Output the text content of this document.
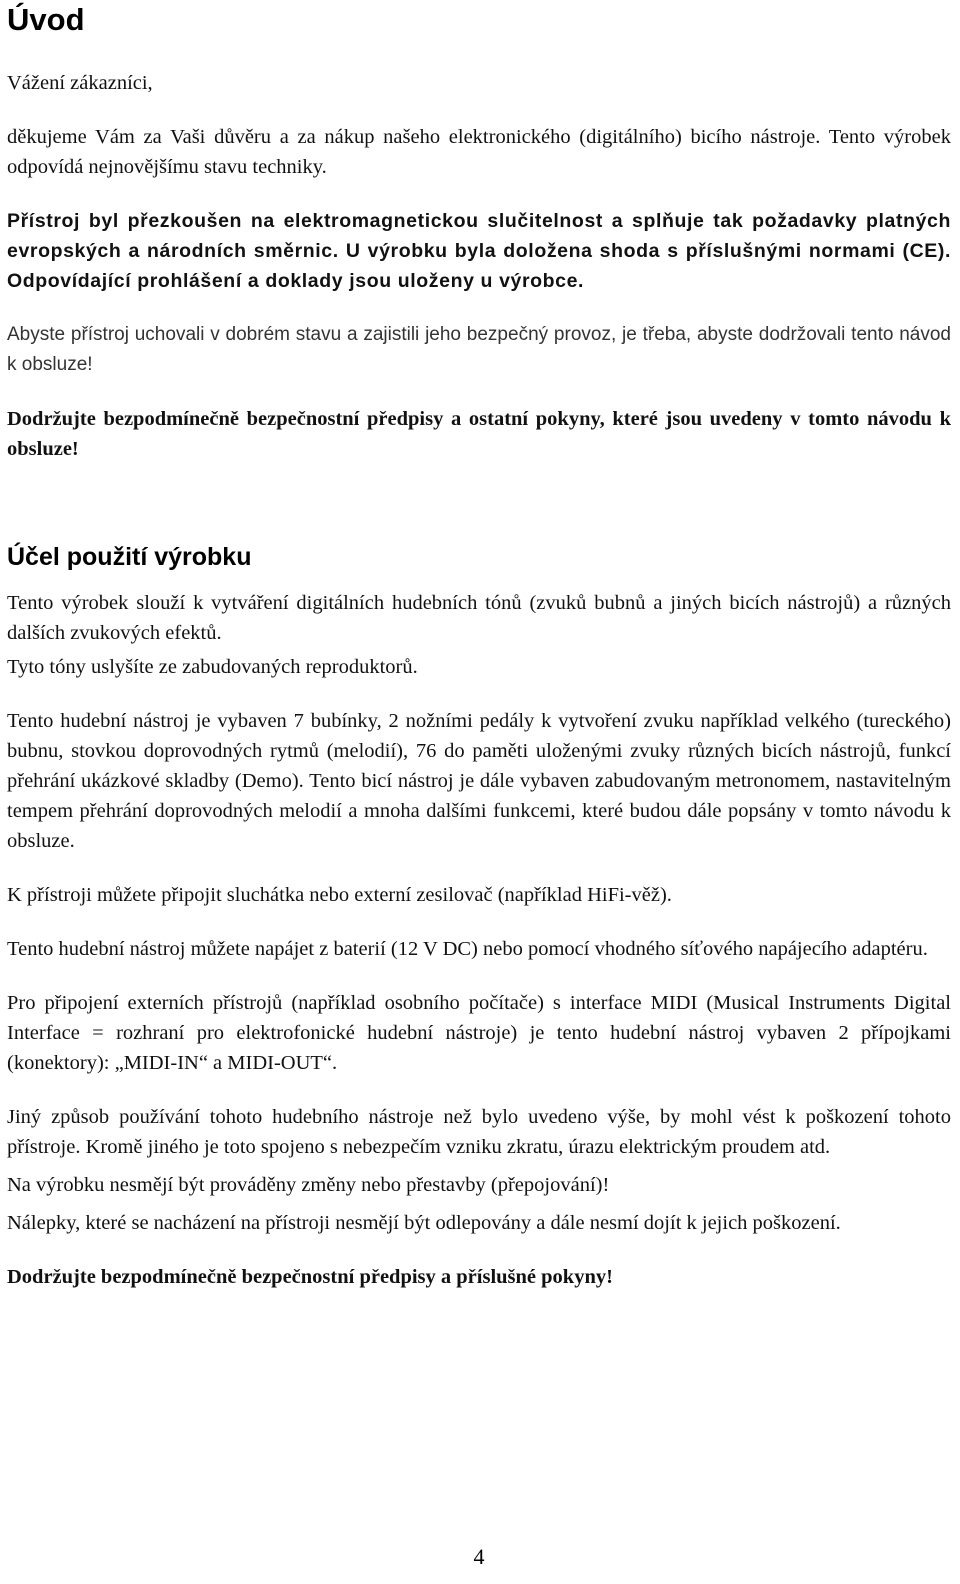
Úvod

Vážení zákazníci,

děkujeme Vám za Vaši důvěru a za nákup našeho elektronického (digitálního) bicího nástroje. Tento výrobek odpovídá nejnovějšímu stavu techniky.

Přístroj byl přezkoušen na elektromagnetickou slučitelnost a splňuje tak požadavky platných evropských a národních směrnic. U výrobku byla doložena shoda s příslušnými normami (CE). Odpovídající prohlášení a doklady jsou uloženy u výrobce.

Abyste přístroj uchovali v dobrém stavu a zajistili jeho bezpečný provoz, je třeba, abyste dodržovali tento návod k obsluze!

Dodržujte bezpodmínečně bezpečnostní předpisy a ostatní pokyny, které jsou uvedeny v tomto návodu k obsluze!

Účel použití výrobku

Tento výrobek slouží k vytváření digitálních hudebních tónů (zvuků bubnů a jiných bicích nástrojů) a různých dalších zvukových efektů.

Tyto tóny uslyšíte ze zabudovaných reproduktorů.

Tento hudební nástroj je vybaven 7 bubínky, 2 nožními pedály k vytvoření zvuku například velkého (tureckého) bubnu, stovkou doprovodných rytmů (melodií), 76 do paměti uloženými zvuky různých bicích nástrojů, funkcí přehrání ukázkové skladby (Demo). Tento bicí nástroj je dále vybaven zabudovaným metronomem, nastavitelným tempem přehrání doprovodných melodií a mnoha dalšími funkcemi, které budou dále popsány v tomto návodu k obsluze.

K přístroji můžete připojit sluchátka nebo externí zesilovač (například HiFi-věž).

Tento hudební nástroj můžete napájet z baterií (12 V DC) nebo pomocí vhodného síťového napájecího adaptéru.

Pro připojení externích přístrojů (například osobního počítače) s interface MIDI (Musical Instruments Digital Interface = rozhraní pro elektrofonické hudební nástroje) je tento hudební nástroj vybaven 2 přípojkami (konektory): „MIDI-IN“ a MIDI-OUT“.

Jiný způsob používání tohoto hudebního nástroje než bylo uvedeno výše, by mohl vést k poškození tohoto přístroje. Kromě jiného je toto spojeno s nebezpečím vzniku zkratu, úrazu elektrickým proudem atd.

Na výrobku nesmějí být prováděny změny nebo přestavby (přepojování)!

Nálepky, které se nacházení na přístroji nesmějí být odlepovány a dále nesmí dojít k jejich poškození.

Dodržujte bezpodmínečně bezpečnostní předpisy a příslušné pokyny!

4
